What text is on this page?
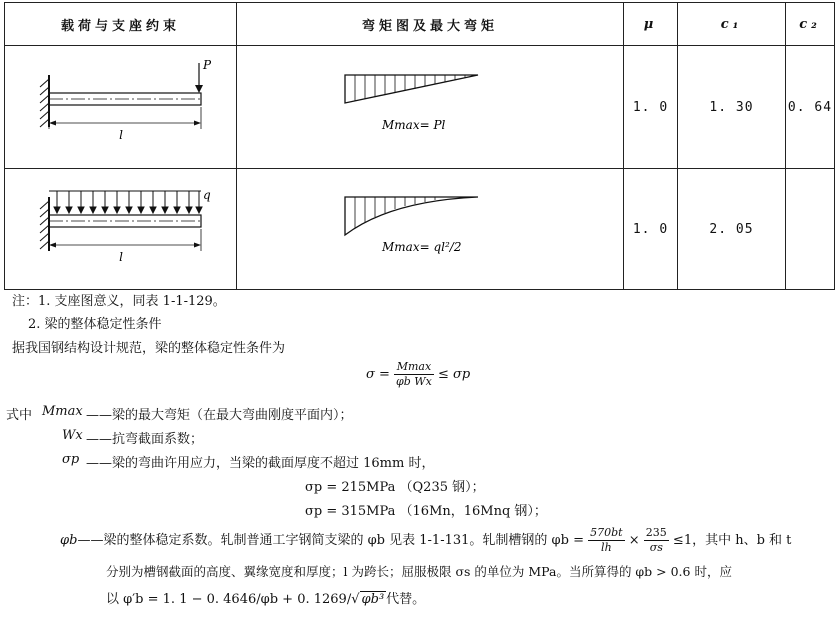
载荷与支座约束	弯矩图及最大弯矩	μ	c₁	c₂

P
l	Mmax= Pl	1. 0	1. 30	0. 64

q
l	Mmax= ql²/2	1. 0	2. 05	
注：1. 支座图意义，同表 1-1-129。
2. 梁的整体稳定性条件
据我国钢结构设计规范，梁的整体稳定性条件为
$\sigma = \frac{Mmax}{\text{φb Wx}} \le \sigma p$
式中 Mmax ——梁的最大弯矩（在最大弯曲刚度平面内）；
Wx ——抗弯截面系数；
σp ——梁的弯曲许用应力，当梁的截面厚度不超过 16mm 时，
σp = 215MPa （Q235 钢）；
σp = 315MPa （16Mn，16Mnq 钢）；
φb——梁的整体稳定系数。轧制普通工字钢简支梁的 φb 见表 1-1-131。轧制槽钢的 $\varphi b = \frac{570bt}{lh} \times \frac{235}{\sigma s} \le 1$，其中 h、b 和 t
分别为槽钢截面的高度、翼缘宽度和厚度；l 为跨长；屈服极限 σs 的单位为 MPa。当所算得的 φb > 0.6 时，应
以 φ′b = 1. 1 − 0. 4646/φb + 0. 1269/√ φb³ 代替。
